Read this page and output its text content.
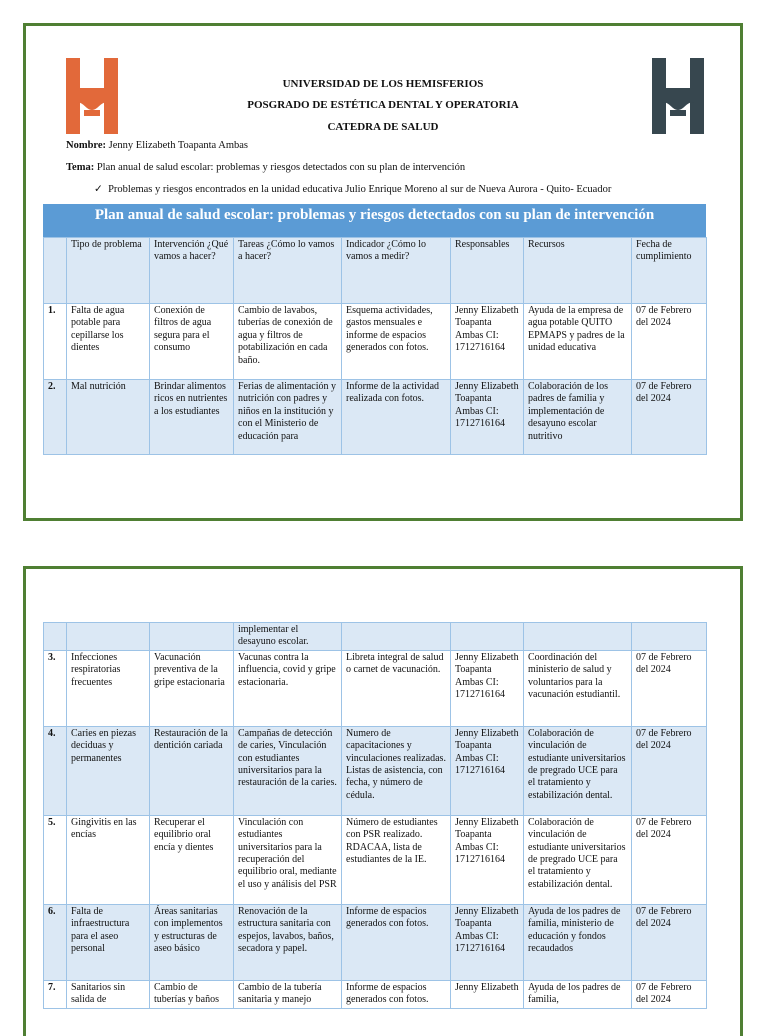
UNIVERSIDAD DE LOS HEMISFERIOS
POSGRADO DE ESTÉTICA DENTAL Y OPERATORIA
CATEDRA DE SALUD
Nombre: Jenny Elizabeth Toapanta Ambas
Tema: Plan anual de salud escolar: problemas y riesgos detectados con su plan de intervención
✓ Problemas y riesgos encontrados en la unidad educativa Julio Enrique Moreno al sur de Nueva Aurora - Quito- Ecuador
Plan anual de salud escolar: problemas y riesgos detectados con su plan de intervención
	Tipo de problema	Intervención ¿Qué vamos a hacer?	Tareas ¿Cómo lo vamos a hacer?	Indicador ¿Cómo lo vamos a medir?	Responsables	Recursos	Fecha de cumplimiento
1.	Falta de agua potable para cepillarse los dientes	Conexión de filtros de agua segura para el consumo	Cambio de lavabos, tuberías de conexión de agua y filtros de potabilización en cada baño.	Esquema actividades, gastos mensuales e informe de espacios generados con fotos.	Jenny Elizabeth Toapanta Ambas CI: 1712716164	Ayuda de la empresa de agua potable QUITO EPMAPS y padres de la unidad educativa	07 de Febrero del 2024
2.	Mal nutrición	Brindar alimentos ricos en nutrientes a los estudiantes	Ferias de alimentación y nutrición con padres y niños en la institución y con el Ministerio de educación para	Informe de la actividad realizada con fotos.	Jenny Elizabeth Toapanta Ambas CI: 1712716164	Colaboración de los padres de familia y implementación de desayuno escolar nutritivo	07 de Febrero del 2024
			implementar el desayuno escolar.				
3.	Infecciones respiratorias frecuentes	Vacunación preventiva de la gripe estacionaria	Vacunas contra la influencia, covid y gripe estacionaria.	Libreta integral de salud o carnet de vacunación.	Jenny Elizabeth Toapanta Ambas CI: 1712716164	Coordinación del ministerio de salud y voluntarios para la vacunación estudiantil.	07 de Febrero del 2024
4.	Caries en piezas deciduas y permanentes	Restauración de la dentición cariada	Campañas de detección de caries, Vinculación con estudiantes universitarios para la restauración de la caries.	Numero de capacitaciones y vinculaciones realizadas. Listas de asistencia, con fecha, y número de cédula.	Jenny Elizabeth Toapanta Ambas CI: 1712716164	Colaboración de vinculación de estudiante universitarios de pregrado UCE para el tratamiento y estabilización dental.	07 de Febrero del 2024
5.	Gingivitis en las encías	Recuperar el equilibrio oral encía y dientes	Vinculación con estudiantes universitarios para la recuperación del equilibrio oral, mediante el uso y análisis del PSR	Número de estudiantes con PSR realizado. RDACAA, lista de estudiantes de la IE.	Jenny Elizabeth Toapanta Ambas CI: 1712716164	Colaboración de vinculación de estudiante universitarios de pregrado UCE para el tratamiento y estabilización dental.	07 de Febrero del 2024
6.	Falta de infraestructura para el aseo personal	Áreas sanitarias con implementos y estructuras de aseo básico	Renovación de la estructura sanitaria con espejos, lavabos, baños, secadora y papel.	Informe de espacios generados con fotos.	Jenny Elizabeth Toapanta Ambas CI: 1712716164	Ayuda de los padres de familia, ministerio de educación y fondos recaudados	07 de Febrero del 2024
7.	Sanitarios sin salida de	Cambio de tuberías y baños	Cambio de la tubería sanitaria y manejo	Informe de espacios generados con fotos.	Jenny Elizabeth	Ayuda de los padres de familia,	07 de Febrero del 2024
